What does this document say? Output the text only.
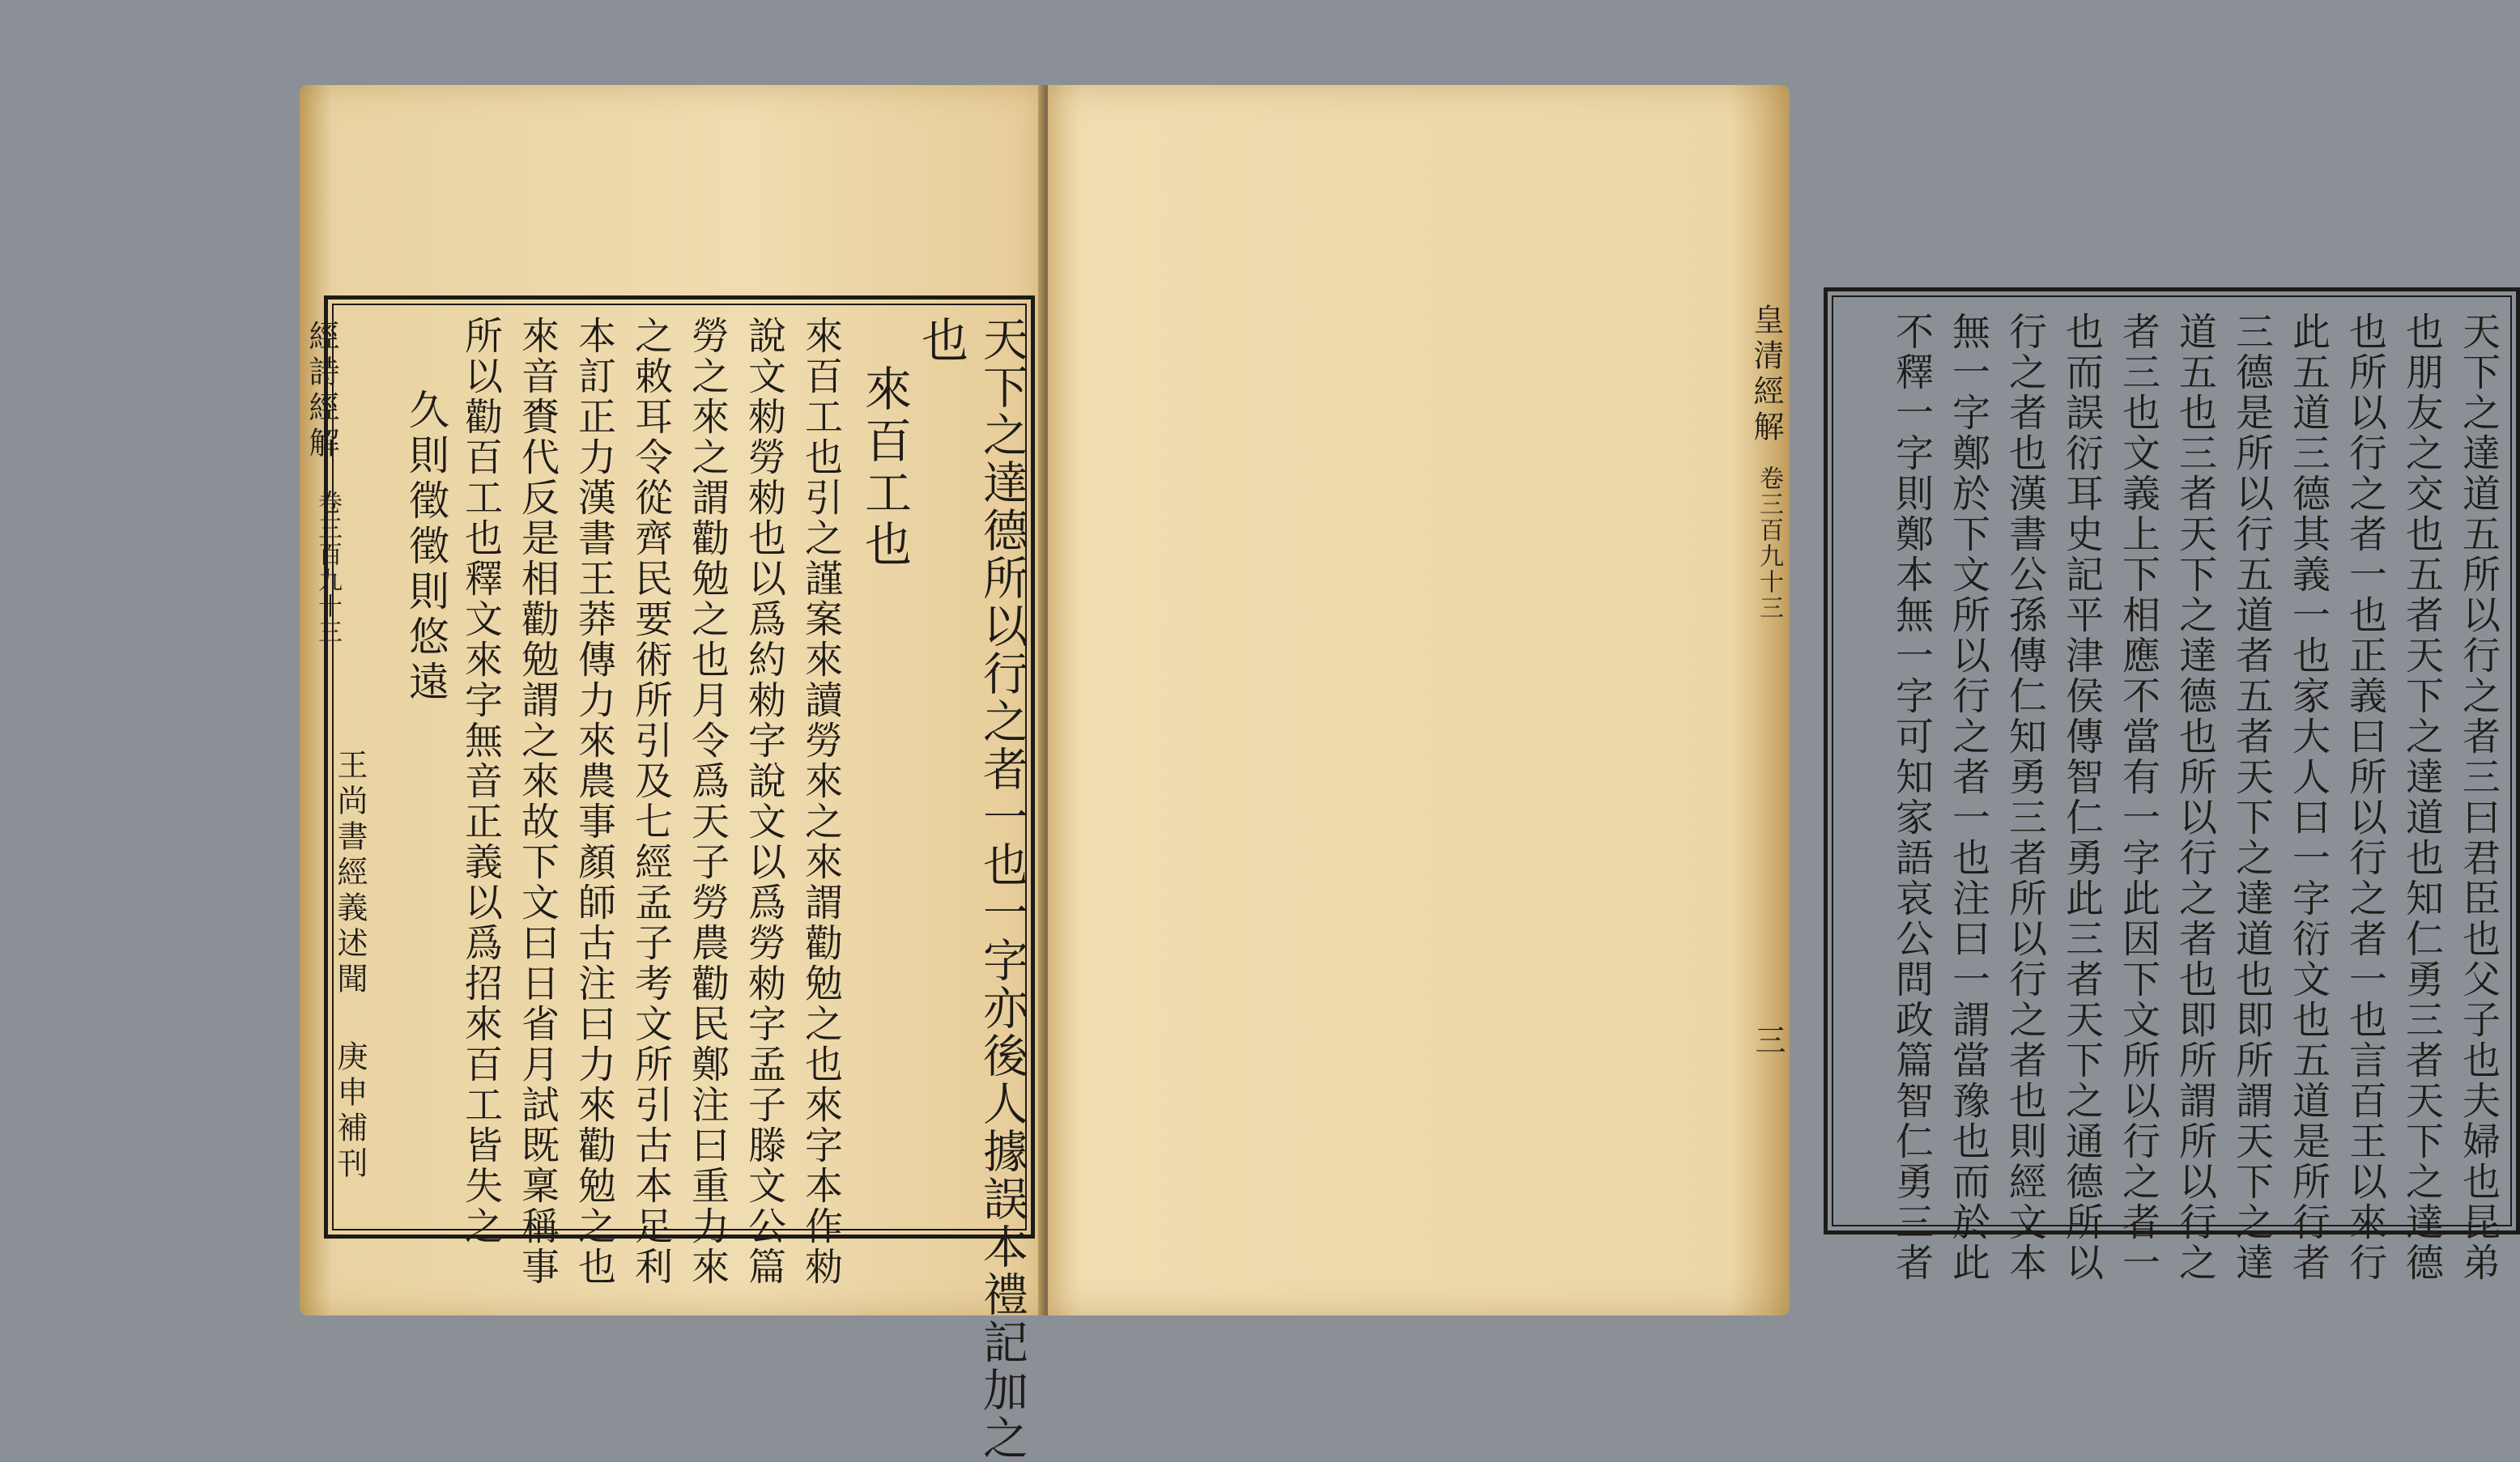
經詩經解
卷三百九十三
王尚書經義述聞
庚申補刊	天下之達德所以行之者一也一字亦後人據誤本禮記加之
也
來百工也
來百工也引之謹案來讀勞來之來謂勸勉之也來字本作勑
說文勑勞勑也以爲約勑字說文以爲勞勑字孟子滕文公篇
勞之來之謂勸勉之也月令爲天子勞農勸民鄭注曰重力來
之敕耳令從齊民要術所引及七經孟子考文所引古本足利
本訂正力漢書王莽傳力來農事顏師古注曰力來勸勉之也
來音賚代反是相勸勉謂之來故下文曰日省月試既稟稱事
所以勸百工也釋文來字無音正義以爲招來百工皆失之
久則徵徵則悠遠
皇清經解
卷三百九十三
三	天下之達道五所以行之者三曰君臣也父子也夫婦也昆弟
也朋友之交也五者天下之達道也知仁勇三者天下之達德
也所以行之者一也正義曰所以行之者一也言百王以來行
此五道三德其義一也家大人曰一字衍文也五道是所行者
三德是所以行五道者五者天下之達道也即所謂天下之達
道五也三者天下之達德也所以行之者也即所謂所以行之
者三也文義上下相應不當有一字此因下文所以行之者一
也而誤衍耳史記平津侯傳智仁勇此三者天下之通德所以
行之者也漢書公孫傳仁知勇三者所以行之者也則經文本
無一字鄭於下文所以行之者一也注曰一謂當豫也而於此
不釋一字則鄭本無一字可知家語哀公問政篇智仁勇三者
